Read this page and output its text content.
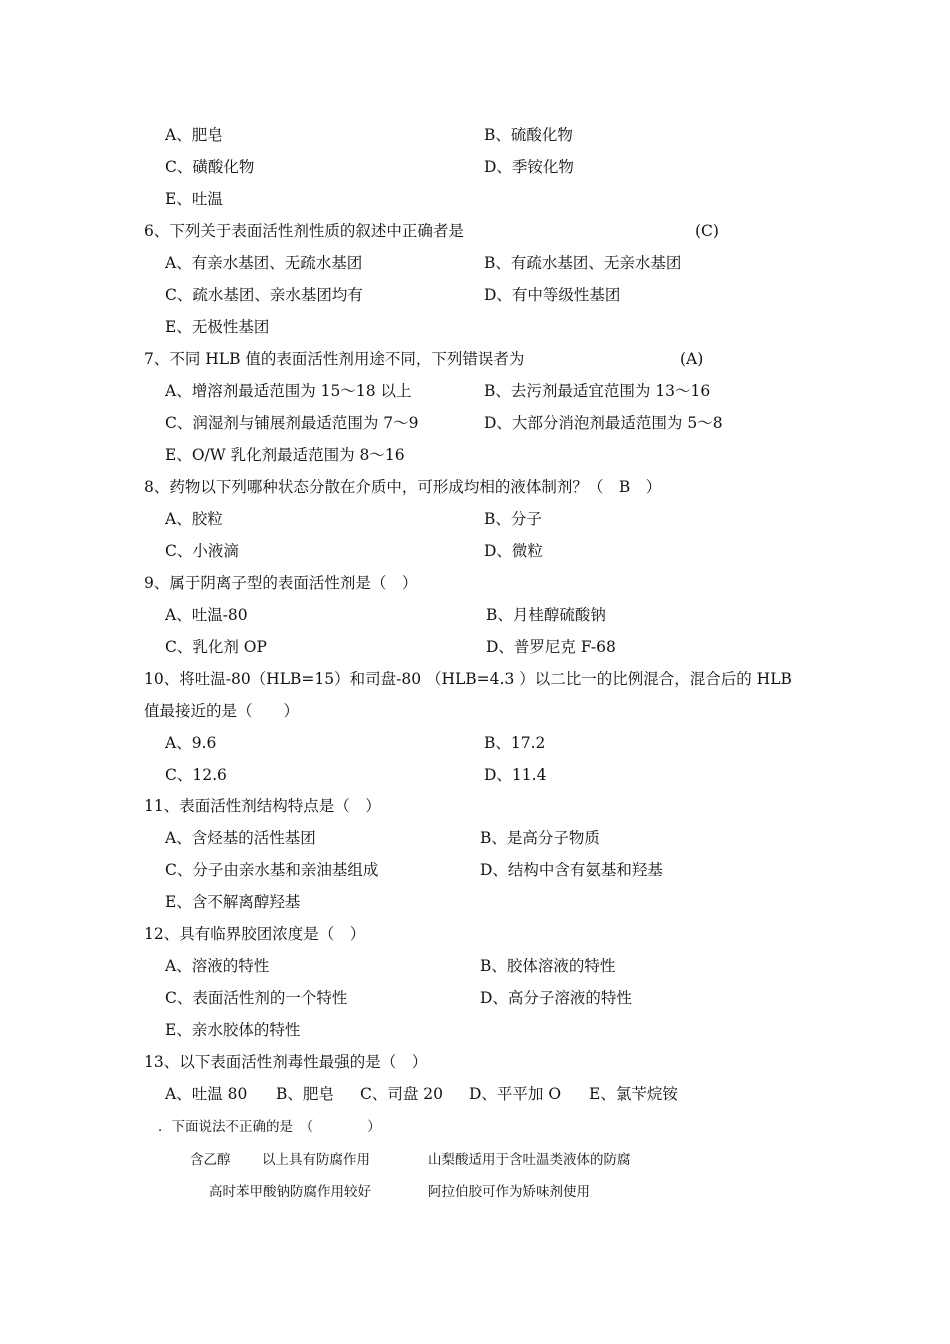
A、肥皂	B、硫酸化物
C、磺酸化物	D、季铵化物
E、吐温
6、下列关于表面活性剂性质的叙述中正确者是	(C)
A、有亲水基团、无疏水基团	B、有疏水基团、无亲水基团
C、疏水基团、亲水基团均有	D、有中等级性基团
E、无极性基团
7、不同 HLB 值的表面活性剂用途不同，下列错误者为	(A)
A、增溶剂最适范围为 15～18 以上	B、去污剂最适宜范围为 13～16
C、润湿剂与铺展剂最适范围为 7～9	D、大部分消泡剂最适范围为 5～8
E、O/W 乳化剂最适范围为 8～16
8、药物以下列哪种状态分散在介质中，可形成均相的液体制剂？（　B　）
A、胶粒	B、分子
C、小液滴	D、微粒
9、属于阴离子型的表面活性剂是（　）
A、吐温-80	B、月桂醇硫酸钠
C、乳化剂 OP	D、普罗尼克 F-68
10、将吐温-80（HLB=15）和司盘-80 （HLB=4.3 ）以二比一的比例混合，混合后的 HLB
值最接近的是（　　）
A、9.6	B、17.2
C、12.6	D、11.4
11、表面活性剂结构特点是（　）
A、含烃基的活性基团	B、是高分子物质
C、分子由亲水基和亲油基组成	D、结构中含有氨基和羟基
E、含不解离醇羟基
12、具有临界胶团浓度是（　）
A、溶液的特性	B、胶体溶液的特性
C、表面活性剂的一个特性	D、高分子溶液的特性
E、亲水胶体的特性
13、以下表面活性剂毒性最强的是（　）
A、吐温 80 B、肥皂 C、司盘 20 D、平平加 O E、氯苄烷铵
．下面说法不正确的是　（　　　　）
含乙醇 以上具有防腐作用	山梨酸适用于含吐温类液体的防腐
高时苯甲酸钠防腐作用较好	阿拉伯胶可作为矫味剂使用
